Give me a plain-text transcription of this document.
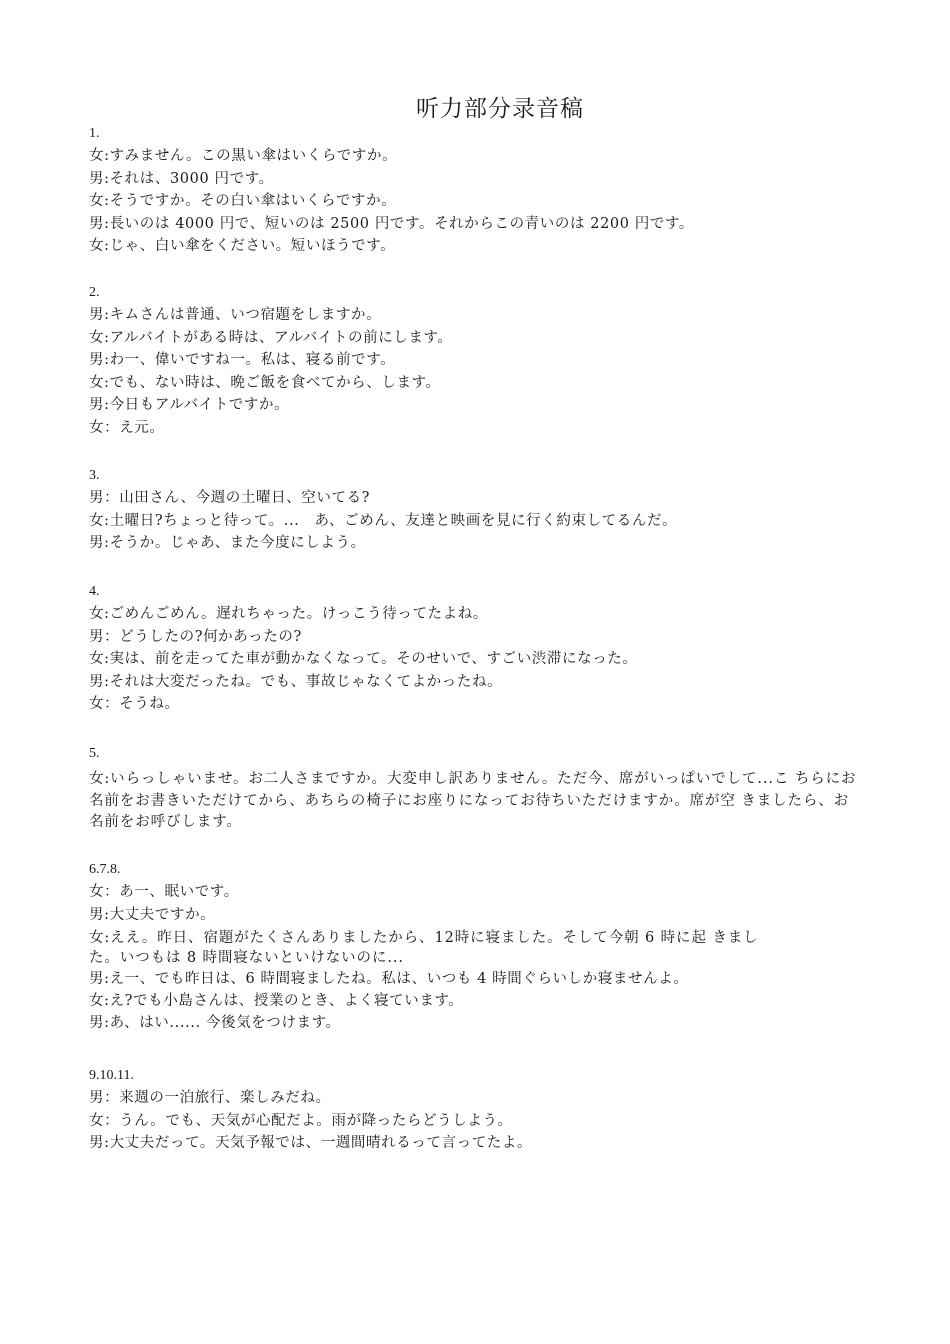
听力部分录音稿
1.
女:すみません。この黒い傘はいくらですか。
男:それは、3000 円です。
女:そうですか。その白い傘はいくらですか。
男:長いのは 4000 円で、短いのは 2500 円です。それからこの青いのは 2200 円です。
女:じゃ、白い傘をください。短いほうです。
2.
男:キムさんは普通、いつ宿題をしますか。
女:アルバイトがある時は、アルバイトの前にします。
男:わ一、偉いですね一。私は、寝る前です。
女:でも、ない時は、晩ご飯を食べてから、します。
男:今日もアルバイトですか。
女：え元。
3.
男：山田さん、今週の土曜日、空いてる?
女:土曜日?ちょっと待って。...　あ、ごめん、友達と映画を見に行く約束してるんだ。
男:そうか。じゃあ、また今度にしよう。
4.
女:ごめんごめん。遅れちゃった。けっこう待ってたよね。
男：どうしたの?何かあったの?
女:実は、前を走ってた車が動かなくなって。そのせいで、すごい渋滞になった。
男:それは大変だったね。でも、事故じゃなくてよかったね。
女：そうね。
5.
女:いらっしゃいませ。お二人さまですか。大変申し訳ありません。ただ今、席がいっぱいでして...こ ちらにお名前をお書きいただけてから、あちらの椅子にお座りになってお待ちいただけますか。席が空 きましたら、お名前をお呼びします。
6.7.8.
女：あ一、眠いです。
男:大丈夫ですか。
女:ええ。昨日、宿題がたくさんありましたから、12時に寝ました。そして今朝 6 時に起 きました。いつもは 8 時間寝ないといけないのに...
男:え一、でも昨日は、6 時間寝ましたね。私は、いつも 4 時間ぐらいしか寝ませんよ。
女:え?でも小島さんは、授業のとき、よく寝ています。
男:あ、はい...... 今後気をつけます。
9.10.11.
男：来週の一泊旅行、楽しみだね。
女：うん。でも、天気が心配だよ。雨が降ったらどうしよう。
男:大丈夫だって。天気予報では、一週間晴れるって言ってたよ。
